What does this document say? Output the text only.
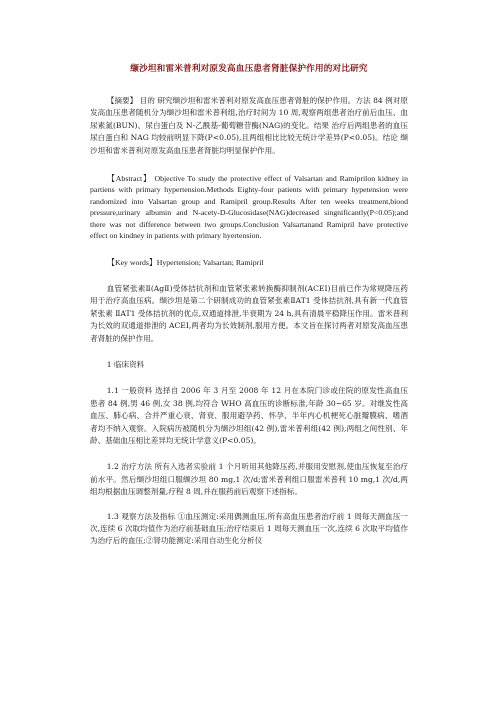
缬沙坦和雷米普利对原发高血压患者肾脏保护作用的对比研究

【摘要】 目的 研究缬沙坦和雷米普利对原发高血压患者肾脏的保护作用。方法 84 例对原发高血压患者随机分为缬沙坦和雷米普利组,治疗时间为 10 周,观察两组患者治疗前后血压、血尿素氮(BUN)、尿白蛋白及 N-乙酰基-葡萄糖苷酶(NAG)的变化。结果 治疗后两组患者的血压尿白蛋白和 NAG 均较前明显下降(P<0.05),且两组相比比较无统计学差异(P<0.05)。结论 缬沙坦和雷米普利对原发高血压患者肾脏均明显保护作用。

【Abstract】 Objective To study the protective effect of Valsartan and Ramiprilon kidney in partiens with primary hypertension.Methods Eighty-four patients with primary hypetension were randomized into Valsartan group and Ramipril group.Results After ten weeks treatment,biood pressure,urinary albumin and N-acety-D-Glucosidase(NAG)decreased singnificantly(P<0.05);and there was not difference between two groups.Conclusion Valsartanand Ramipril have protective effect on kindney in patients with primary hyertension.

【Key words】Hypertension; Valsartan; Ramipril

血管紧张素Ⅱ(AgⅡ)受体拮抗剂和血管紧张素转换酶抑制剂(ACEI)目前已作为常规降压药用于治疗高血压病。缬沙坦是第二个研制成功的血管紧张素ⅡAT1 受体拮抗剂,具有新一代血管紧张素 ⅡAT1 受体拮抗剂的优点,双通道排泄,半衰期为 24 h,具有清晨平稳降压作用。雷米普利为长效的双通道排泄的 ACEI,两者均为长效制剂,服用方便。本文旨在探讨两者对原发高血压患者肾脏的保护作用。

1 临床资料

1.1 一般资料 选择自 2006 年 3 月至 2008 年 12 月在本院门诊或住院的原发性高血压患者 84 例,男 46 例,女 38 例,均符合 WHO 高血压的诊断标准,年龄 30~65 岁。对继发性高血压、肺心病、合并严重心衰、肾衰、服用避孕药、怀孕、半年内心机梗死心脏瓣膜病、嗜酒者均不纳入观察。入院病历被随机分为缬沙坦组(42 例),雷米普利组(42 例),两组之间性别、年龄、基础血压相比差异均无统计学意义(P<0.05)。

1.2 治疗方法 所有入选者实验前 1 个月听用其他降压药,并服用安慰剂,使血压恢复至治疗前水平。然后缬沙坦组口服缬沙坦 80 mg,1 次/d;雷米普利组口服雷米普利 10 mg,1 次/d,两组均根据血压调整剂量,疗程 8 周,并在服药前后观察下述指标。

1.3 观察方法及指标 ①血压测定:采用偶测血压,所有高血压患者治疗前 1 周每天测血压一次,连续 6 次取均值作为治疗前基础血压;治疗结束后 1 周每天测血压一次,连续 6 次取平均值作为治疗后的血压;②肾功能测定:采用自动生化分析仪
